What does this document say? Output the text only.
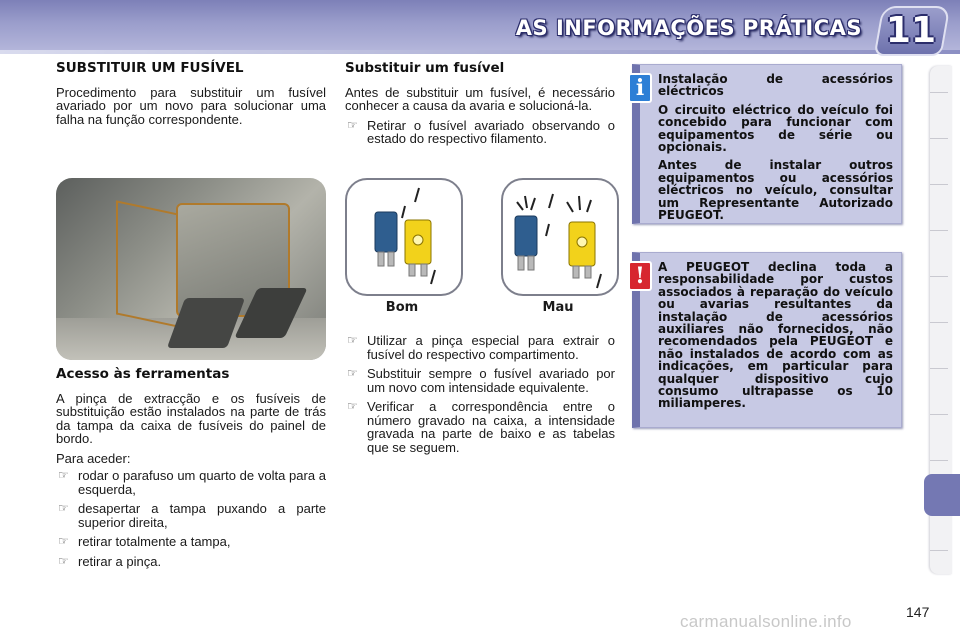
AS INFORMAÇÕES PRÁTICAS 11
SUBSTITUIR UM FUSÍVEL

Procedimento para substituir um fusível avariado por um novo para solucionar uma falha na função correspondente.

Acesso às ferramentas

A pinça de extracção e os fusíveis de substituição estão instalados na parte de trás da tampa da caixa de fusíveis do painel de bordo.

Para aceder:

☞ rodar o parafuso um quarto de volta para a esquerda,
☞ desapertar a tampa puxando a parte superior direita,
☞ retirar totalmente a tampa,
☞ retirar a pinça.
Substituir um fusível

Antes de substituir um fusível, é necessário conhecer a causa da avaria e solucioná-la.

☞ Retirar o fusível avariado observando o estado do respectivo filamento.
Bom	Mau
☞ Utilizar a pinça especial para extrair o fusível do respectivo compartimento.
☞ Substituir sempre o fusível avariado por um novo com intensidade equivalente.
☞ Verificar a correspondência entre o número gravado na caixa, a intensidade gravada na parte de baixo e as tabelas que se seguem.
i	Instalação de acessórios eléctricos

O circuito eléctrico do veículo foi concebido para funcionar com equipamentos de série ou opcionais.

Antes de instalar outros equipamentos ou acessórios eléctricos no veículo, consultar um Representante Autorizado PEUGEOT.

!	A PEUGEOT declina toda a responsabilidade por custos associados à reparação do veículo ou avarias resultantes da instalação de acessórios auxiliares não fornecidos, não recomendados pela PEUGEOT e não instalados de acordo com as indicações, em particular para qualquer dispositivo cujo consumo ultrapasse os 10 miliamperes.

147
carmanualsonline.info
